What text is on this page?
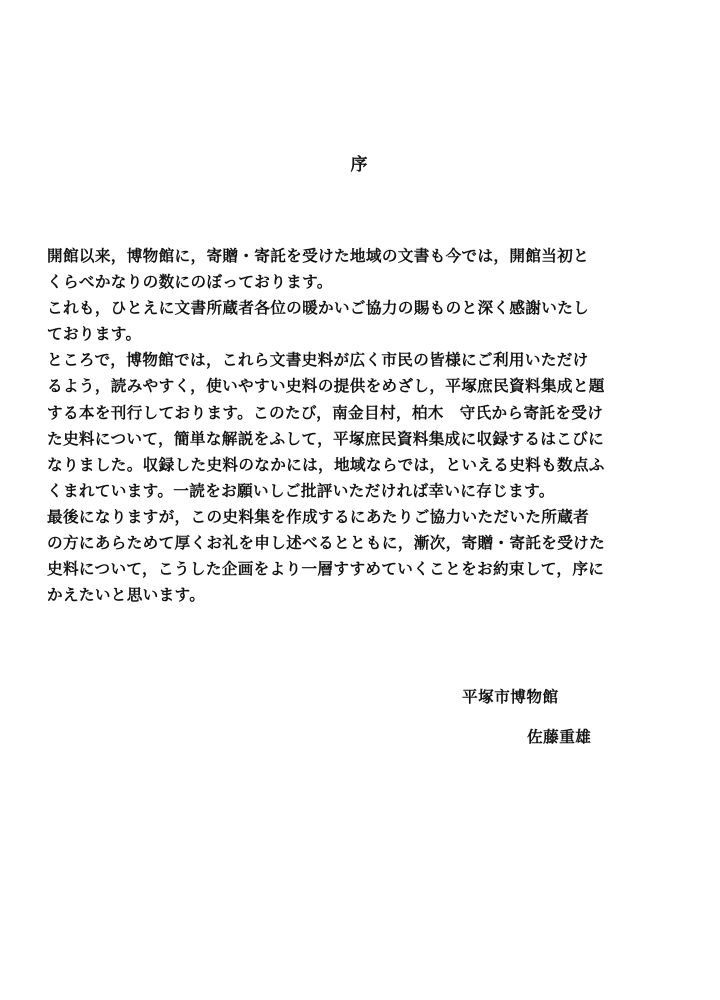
序
開館以来，博物館に，寄贈・寄託を受けた地域の文書も今では，開館当初と
くらべかなりの数にのぼっております。
これも，ひとえに文書所蔵者各位の暖かいご協力の賜ものと深く感謝いたし
ております。
ところで，博物館では，これら文書史料が広く市民の皆様にご利用いただけ
るよう，読みやすく，使いやすい史料の提供をめざし，平塚庶民資料集成と題
する本を刊行しております。このたび，南金目村，柏木　守氏から寄託を受け
た史料について，簡単な解説をふして，平塚庶民資料集成に収録するはこびに
なりました。収録した史料のなかには，地域ならでは，といえる史料も数点ふ
くまれています。一読をお願いしご批評いただければ幸いに存じます。
最後になりますが，この史料集を作成するにあたりご協力いただいた所蔵者
の方にあらためて厚くお礼を申し述べるとともに，漸次，寄贈・寄託を受けた
史料について，こうした企画をより一層すすめていくことをお約束して，序に
かえたいと思います。
平塚市博物館
佐藤重雄
